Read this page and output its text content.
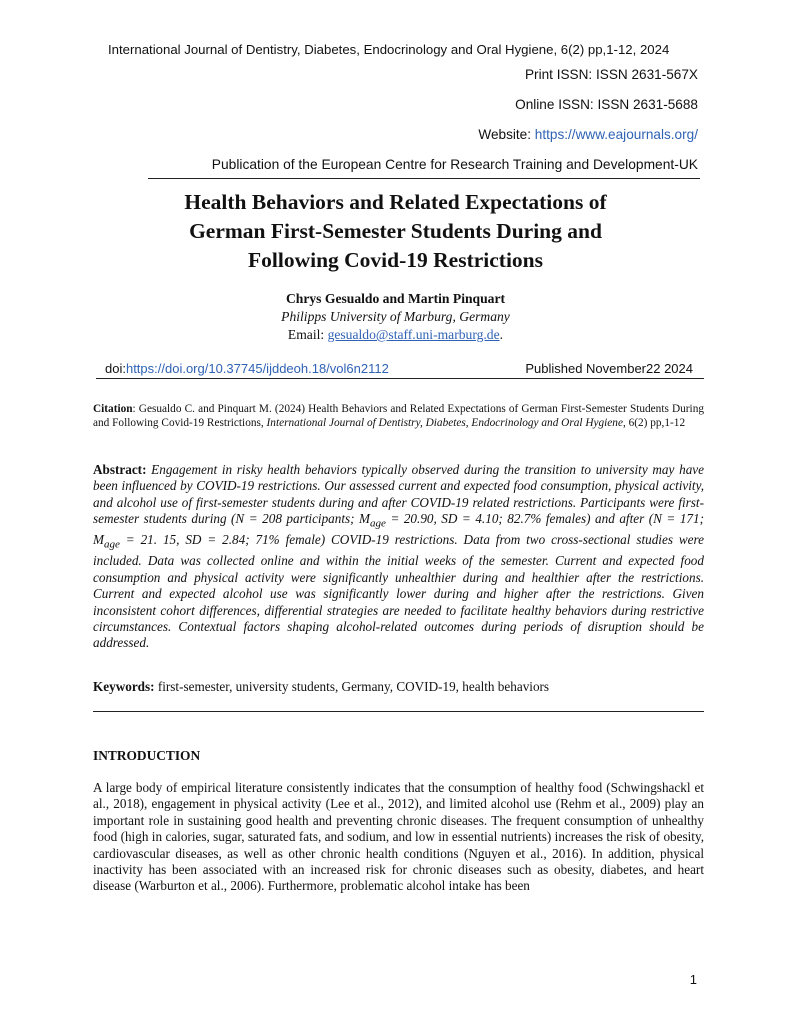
International Journal of Dentistry, Diabetes, Endocrinology and Oral Hygiene, 6(2) pp,1-12, 2024
Print ISSN: ISSN 2631-567X
Online ISSN: ISSN 2631-5688
Website: https://www.eajournals.org/
Publication of the European Centre for Research Training and Development-UK
Health Behaviors and Related Expectations of
German First-Semester Students During and
Following Covid-19 Restrictions
Chrys Gesualdo and Martin Pinquart
Philipps University of Marburg, Germany
Email: gesualdo@staff.uni-marburg.de.
doi: https://doi.org/10.37745/ijddeoh.18/vol6n2112	Published November22 2024
Citation: Gesualdo C. and Pinquart M. (2024) Health Behaviors and Related Expectations of German First-Semester Students During and Following Covid-19 Restrictions, International Journal of Dentistry, Diabetes, Endocrinology and Oral Hygiene, 6(2) pp,1-12
Abstract: Engagement in risky health behaviors typically observed during the transition to university may have been influenced by COVID-19 restrictions. Our assessed current and expected food consumption, physical activity, and alcohol use of first-semester students during and after COVID-19 related restrictions. Participants were first-semester students during (N = 208 participants; $M_{age} = 20.90$, SD = 4.10; 82.7% females) and after (N = 171; $M_{age} = 21$. 15, SD = 2.84; 71% female) COVID-19 restrictions. Data from two cross-sectional studies were included. Data was collected online and within the initial weeks of the semester. Current and expected food consumption and physical activity were significantly unhealthier during and healthier after the restrictions. Current and expected alcohol use was significantly lower during and higher after the restrictions. Given inconsistent cohort differences, differential strategies are needed to facilitate healthy behaviors during restrictive circumstances. Contextual factors shaping alcohol-related outcomes during periods of disruption should be addressed.
Keywords: first-semester, university students, Germany, COVID-19, health behaviors
INTRODUCTION
A large body of empirical literature consistently indicates that the consumption of healthy food (Schwingshackl et al., 2018), engagement in physical activity (Lee et al., 2012), and limited alcohol use (Rehm et al., 2009) play an important role in sustaining good health and preventing chronic diseases. The frequent consumption of unhealthy food (high in calories, sugar, saturated fats, and sodium, and low in essential nutrients) increases the risk of obesity, cardiovascular diseases, as well as other chronic health conditions (Nguyen et al., 2016). In addition, physical inactivity has been associated with an increased risk for chronic diseases such as obesity, diabetes, and heart disease (Warburton et al., 2006). Furthermore, problematic alcohol intake has been
1
